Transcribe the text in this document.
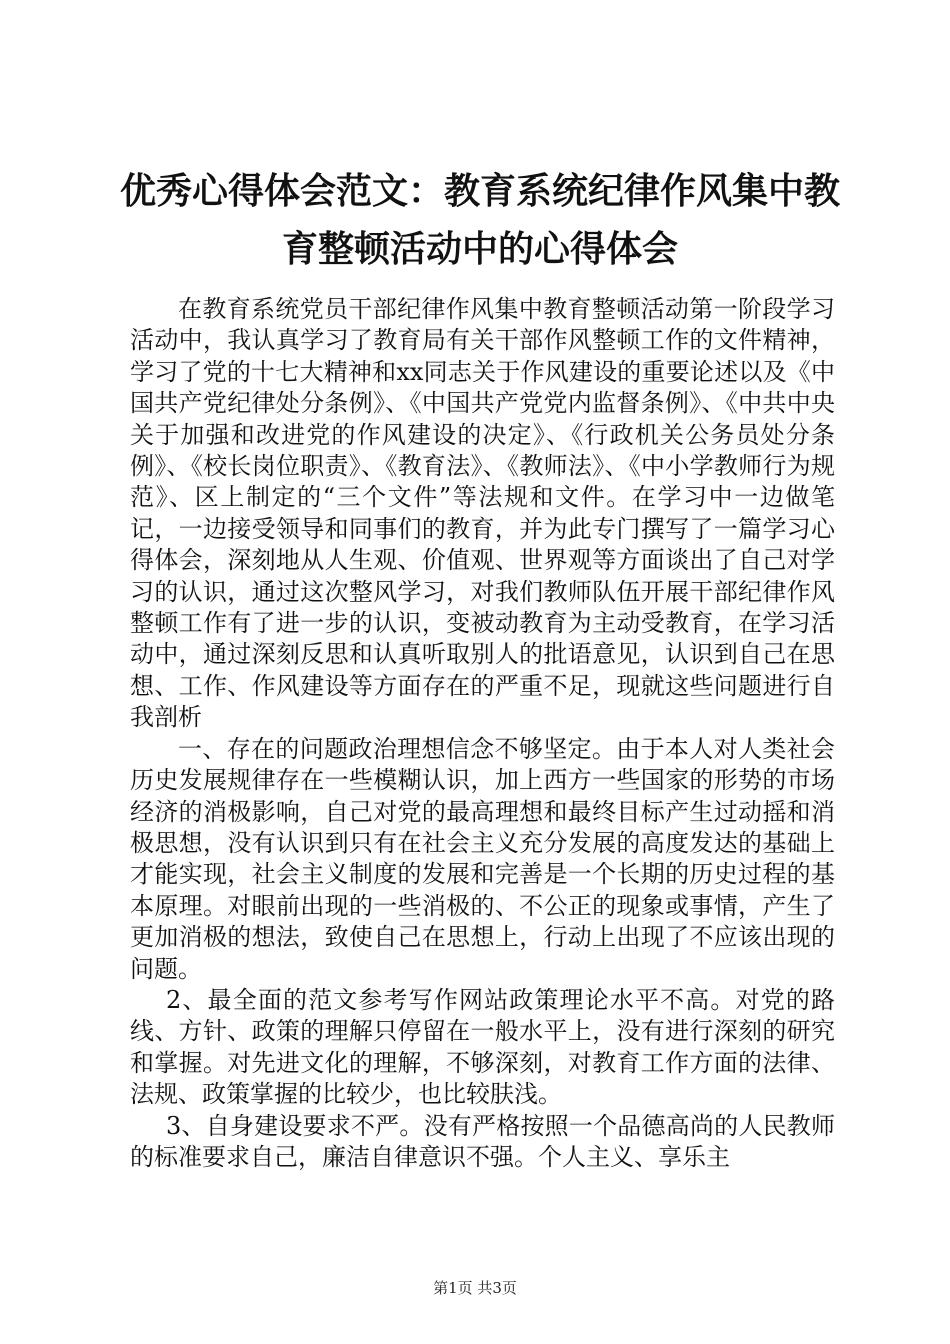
优秀心得体会范文：教育系统纪律作风集中教育整顿活动中的心得体会

在教育系统党员干部纪律作风集中教育整顿活动第一阶段学习活动中，我认真学习了教育局有关干部作风整顿工作的文件精神，学习了党的十七大精神和xx同志关于作风建设的重要论述以及《中国共产党纪律处分条例》、《中国共产党党内监督条例》、《中共中央关于加强和改进党的作风建设的决定》、《行政机关公务员处分条例》、《校长岗位职责》、《教育法》、《教师法》、《中小学教师行为规范》、区上制定的“三个文件”等法规和文件。在学习中一边做笔记，一边接受领导和同事们的教育，并为此专门撰写了一篇学习心得体会，深刻地从人生观、价值观、世界观等方面谈出了自己对学习的认识，通过这次整风学习，对我们教师队伍开展干部纪律作风整顿工作有了进一步的认识，变被动教育为主动受教育，在学习活动中，通过深刻反思和认真听取别人的批语意见，认识到自己在思想、工作、作风建设等方面存在的严重不足，现就这些问题进行自我剖析

一、存在的问题政治理想信念不够坚定。由于本人对人类社会历史发展规律存在一些模糊认识，加上西方一些国家的形势的市场经济的消极影响，自己对党的最高理想和最终目标产生过动摇和消极思想，没有认识到只有在社会主义充分发展的高度发达的基础上才能实现，社会主义制度的发展和完善是一个长期的历史过程的基本原理。对眼前出现的一些消极的、不公正的现象或事情，产生了更加消极的想法，致使自己在思想上，行动上出现了不应该出现的问题。

2、最全面的范文参考写作网站政策理论水平不高。对党的路线、方针、政策的理解只停留在一般水平上，没有进行深刻的研究和掌握。对先进文化的理解，不够深刻，对教育工作方面的法律、法规、政策掌握的比较少，也比较肤浅。

3、自身建设要求不严。没有严格按照一个品德高尚的人民教师的标准要求自己，廉洁自律意识不强。个人主义、享乐主

第1页 共3页
